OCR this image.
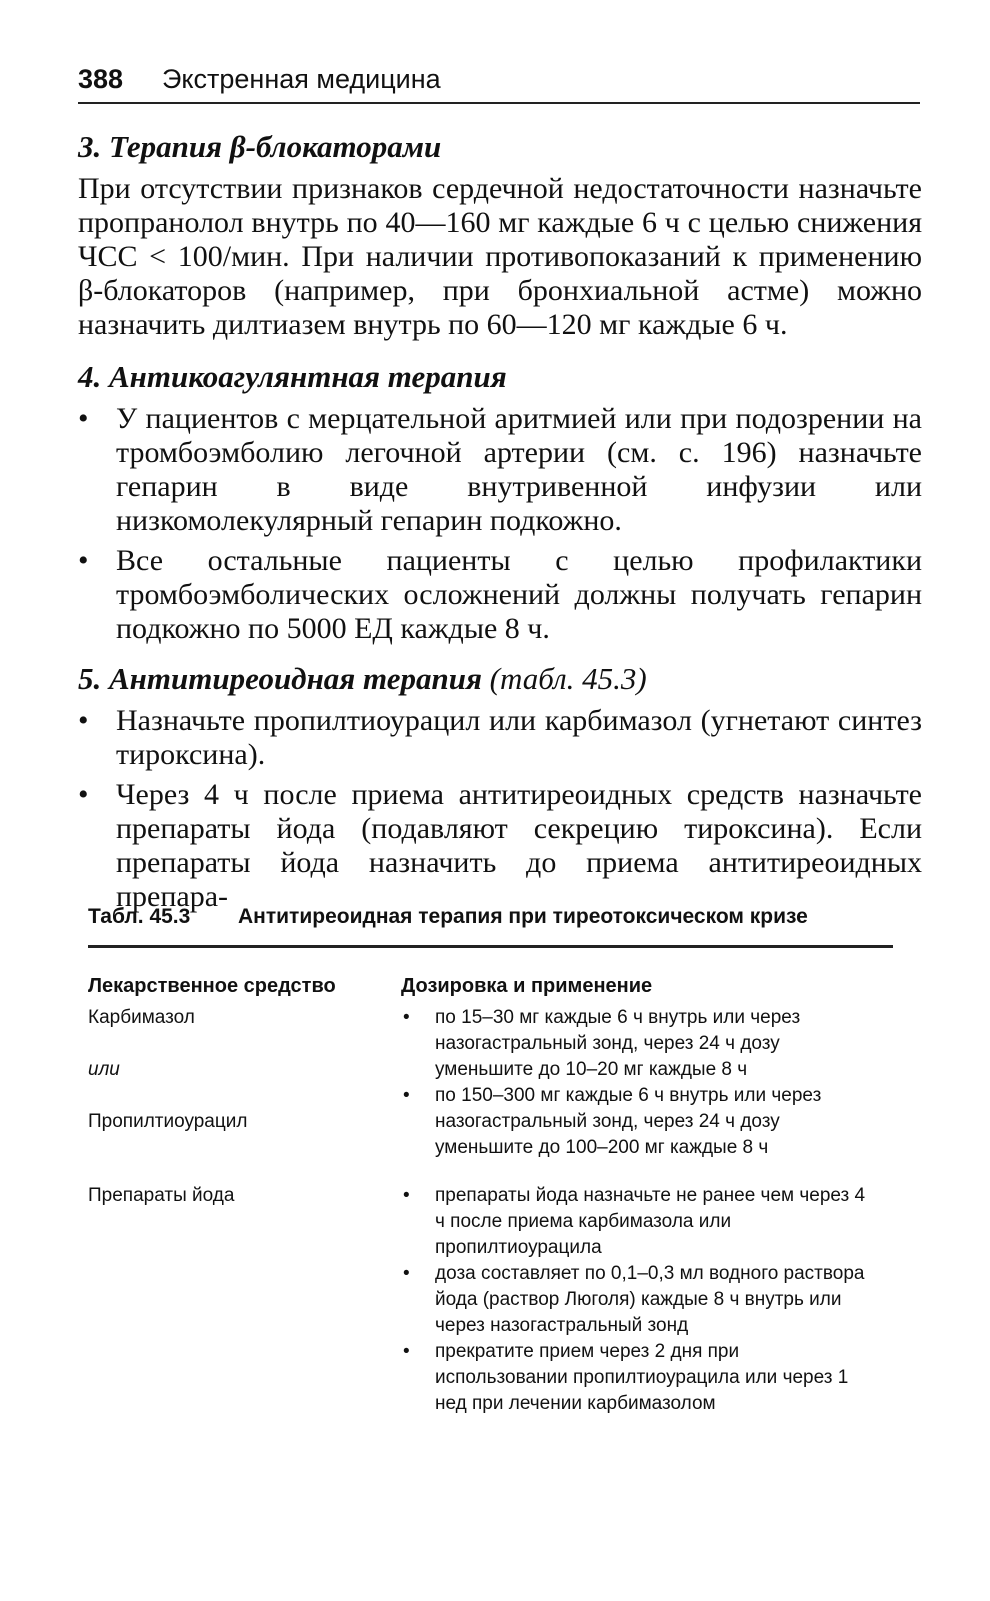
388 Экстренная медицина
3. Терапия β-блокаторами
При отсутствии признаков сердечной недостаточности назначьте пропранолол внутрь по 40—160 мг каждые 6 ч с целью снижения ЧСС < 100/мин. При наличии противопоказаний к применению β-блокаторов (например, при бронхиальной астме) можно назначить дилтиазем внутрь по 60—120 мг каждые 6 ч.
4. Антикоагулянтная терапия
• У пациентов с мерцательной аритмией или при подозрении на тромбоэмболию легочной артерии (см. с. 196) назначьте гепарин в виде внутривенной инфузии или низкомолекулярный гепарин подкожно.
• Все остальные пациенты с целью профилактики тромбоэмболических осложнений должны получать гепарин подкожно по 5000 ЕД каждые 8 ч.
5. Антитиреоидная терапия (табл. 45.3)
• Назначьте пропилтиоурацил или карбимазол (угнетают синтез тироксина).
• Через 4 ч после приема антитиреоидных средств назначьте препараты йода (подавляют секрецию тироксина). Если препараты йода назначить до приема антитиреоидных препара-
Табл. 45.3 Антитиреоидная терапия при тиреотоксическом кризе
Лекарственное средство	Дозировка и применение
Карбимазол
или
Пропилтиоурацил
• по 15–30 мг каждые 6 ч внутрь или через назогастральный зонд, через 24 ч дозу уменьшите до 10–20 мг каждые 8 ч
• по 150–300 мг каждые 6 ч внутрь или через назогастральный зонд, через 24 ч дозу уменьшите до 100–200 мг каждые 8 ч
Препараты йода
•	препараты йода назначьте не ранее чем через 4 ч после приема карбимазола или пропилтиоурацила
• доза составляет по 0,1–0,3 мл водного раствора йода (раствор Люголя) каждые 8 ч внутрь или через назогастральный зонд
• прекратите прием через 2 дня при использовании пропилтиоурацила или через 1 нед при лечении карбимазолом
